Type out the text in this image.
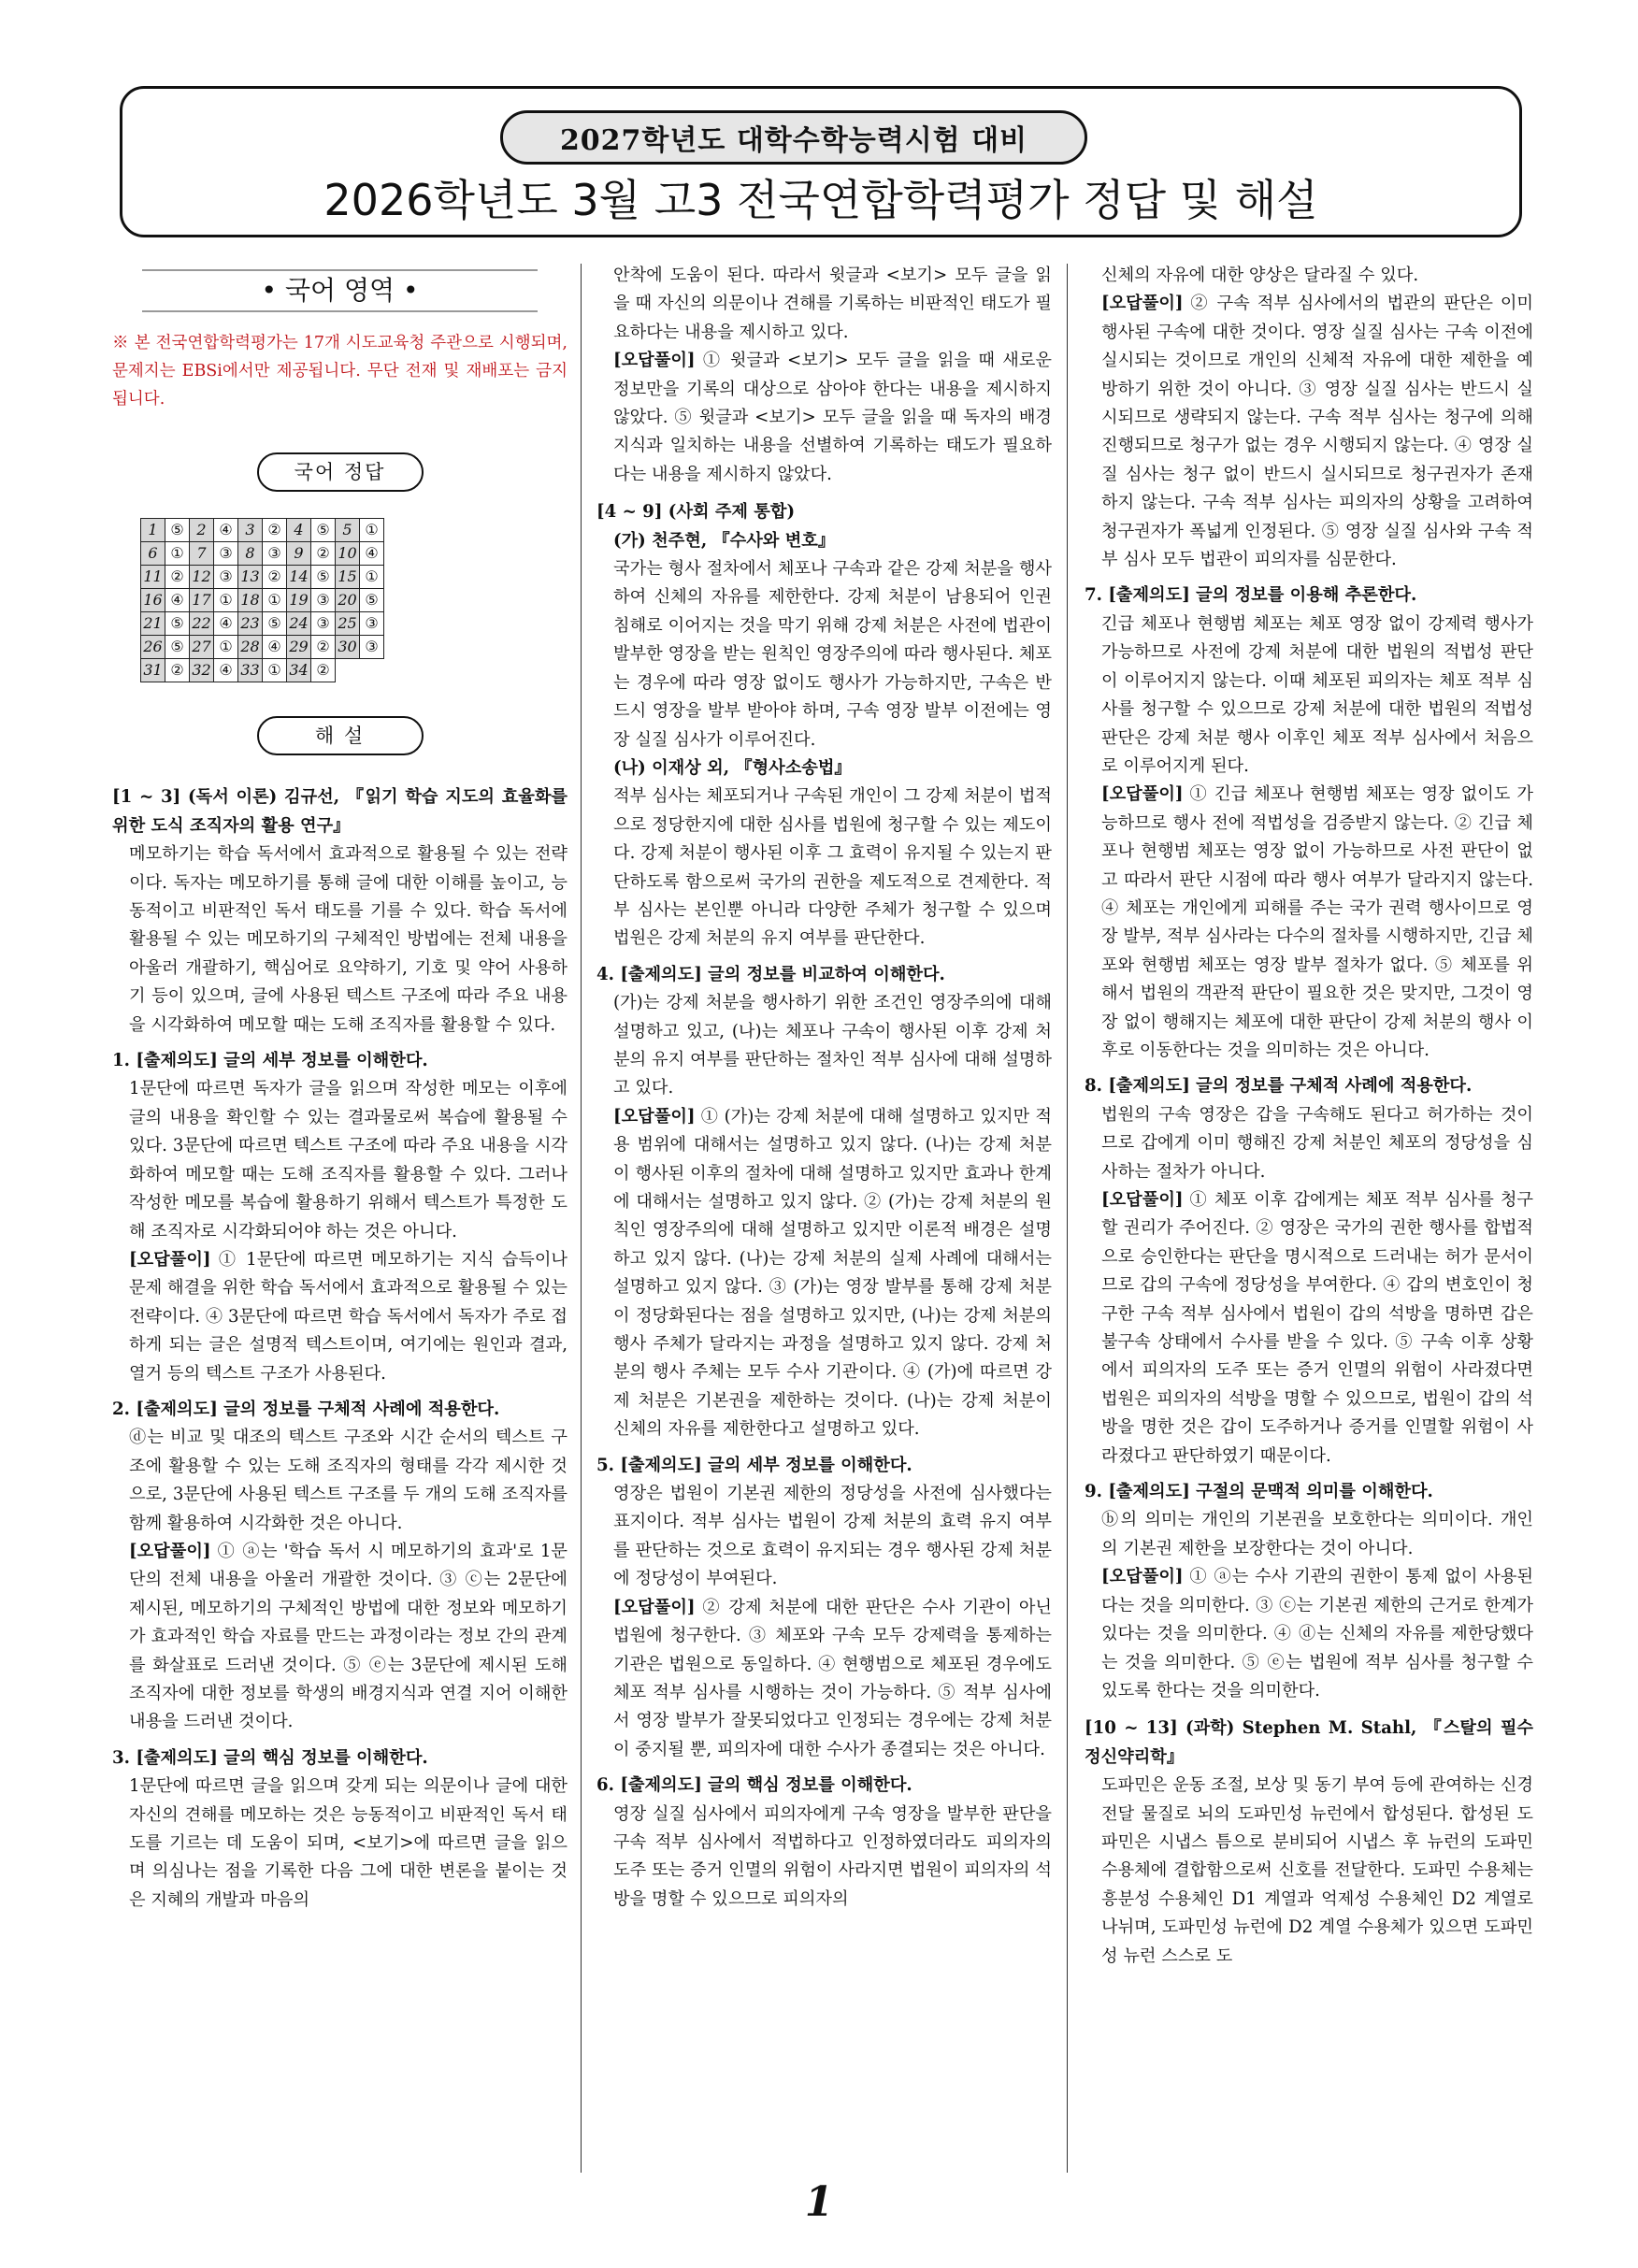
2027학년도 대학수학능력시험 대비
2026학년도 3월 고3 전국연합학력평가 정답 및 해설
• 국어 영역 •

※ 본 전국연합학력평가는 17개 시도교육청 주관으로 시행되며, 문제지는 EBSi에서만 제공됩니다. 무단 전재 및 재배포는 금지됩니다.

국어 정답
1	⑤	2	④	3	②	4	⑤	5	①
6	①	7	③	8	③	9	②	10	④
11	②	12	③	13	②	14	⑤	15	①
16	④	17	①	18	①	19	③	20	⑤
21	⑤	22	④	23	⑤	24	③	25	③
26	⑤	27	①	28	④	29	②	30	③
31	②	32	④	33	①	34	②		
해 설

[1 ~ 3] (독서 이론) 김규선, 『읽기 학습 지도의 효율화를 위한 도식 조직자의 활용 연구』

메모하기는 학습 독서에서 효과적으로 활용될 수 있는 전략이다. 독자는 메모하기를 통해 글에 대한 이해를 높이고, 능동적이고 비판적인 독서 태도를 기를 수 있다. 학습 독서에 활용될 수 있는 메모하기의 구체적인 방법에는 전체 내용을 아울러 개괄하기, 핵심어로 요약하기, 기호 및 약어 사용하기 등이 있으며, 글에 사용된 텍스트 구조에 따라 주요 내용을 시각화하여 메모할 때는 도해 조직자를 활용할 수 있다.

1. [출제의도] 글의 세부 정보를 이해한다.

1문단에 따르면 독자가 글을 읽으며 작성한 메모는 이후에 글의 내용을 확인할 수 있는 결과물로써 복습에 활용될 수 있다. 3문단에 따르면 텍스트 구조에 따라 주요 내용을 시각화하여 메모할 때는 도해 조직자를 활용할 수 있다. 그러나 작성한 메모를 복습에 활용하기 위해서 텍스트가 특정한 도해 조직자로 시각화되어야 하는 것은 아니다.

[오답풀이] ① 1문단에 따르면 메모하기는 지식 습득이나 문제 해결을 위한 학습 독서에서 효과적으로 활용될 수 있는 전략이다. ④ 3문단에 따르면 학습 독서에서 독자가 주로 접하게 되는 글은 설명적 텍스트이며, 여기에는 원인과 결과, 열거 등의 텍스트 구조가 사용된다.

2. [출제의도] 글의 정보를 구체적 사례에 적용한다.

ⓓ는 비교 및 대조의 텍스트 구조와 시간 순서의 텍스트 구조에 활용할 수 있는 도해 조직자의 형태를 각각 제시한 것으로, 3문단에 사용된 텍스트 구조를 두 개의 도해 조직자를 함께 활용하여 시각화한 것은 아니다.

[오답풀이] ① ⓐ는 '학습 독서 시 메모하기의 효과'로 1문단의 전체 내용을 아울러 개괄한 것이다. ③ ⓒ는 2문단에 제시된, 메모하기의 구체적인 방법에 대한 정보와 메모하기가 효과적인 학습 자료를 만드는 과정이라는 정보 간의 관계를 화살표로 드러낸 것이다. ⑤ ⓔ는 3문단에 제시된 도해 조직자에 대한 정보를 학생의 배경지식과 연결 지어 이해한 내용을 드러낸 것이다.

3. [출제의도] 글의 핵심 정보를 이해한다.

1문단에 따르면 글을 읽으며 갖게 되는 의문이나 글에 대한 자신의 견해를 메모하는 것은 능동적이고 비판적인 독서 태도를 기르는 데 도움이 되며, <보기>에 따르면 글을 읽으며 의심나는 점을 기록한 다음 그에 대한 변론을 붙이는 것은 지혜의 개발과 마음의

안착에 도움이 된다. 따라서 윗글과 <보기> 모두 글을 읽을 때 자신의 의문이나 견해를 기록하는 비판적인 태도가 필요하다는 내용을 제시하고 있다.

[오답풀이] ① 윗글과 <보기> 모두 글을 읽을 때 새로운 정보만을 기록의 대상으로 삼아야 한다는 내용을 제시하지 않았다. ⑤ 윗글과 <보기> 모두 글을 읽을 때 독자의 배경지식과 일치하는 내용을 선별하여 기록하는 태도가 필요하다는 내용을 제시하지 않았다.

[4 ~ 9] (사회 주제 통합)

(가) 천주현, 『수사와 변호』

국가는 형사 절차에서 체포나 구속과 같은 강제 처분을 행사하여 신체의 자유를 제한한다. 강제 처분이 남용되어 인권 침해로 이어지는 것을 막기 위해 강제 처분은 사전에 법관이 발부한 영장을 받는 원칙인 영장주의에 따라 행사된다. 체포는 경우에 따라 영장 없이도 행사가 가능하지만, 구속은 반드시 영장을 발부 받아야 하며, 구속 영장 발부 이전에는 영장 실질 심사가 이루어진다.

(나) 이재상 외, 『형사소송법』

적부 심사는 체포되거나 구속된 개인이 그 강제 처분이 법적으로 정당한지에 대한 심사를 법원에 청구할 수 있는 제도이다. 강제 처분이 행사된 이후 그 효력이 유지될 수 있는지 판단하도록 함으로써 국가의 권한을 제도적으로 견제한다. 적부 심사는 본인뿐 아니라 다양한 주체가 청구할 수 있으며 법원은 강제 처분의 유지 여부를 판단한다.

4. [출제의도] 글의 정보를 비교하여 이해한다.

(가)는 강제 처분을 행사하기 위한 조건인 영장주의에 대해 설명하고 있고, (나)는 체포나 구속이 행사된 이후 강제 처분의 유지 여부를 판단하는 절차인 적부 심사에 대해 설명하고 있다.

[오답풀이] ① (가)는 강제 처분에 대해 설명하고 있지만 적용 범위에 대해서는 설명하고 있지 않다. (나)는 강제 처분이 행사된 이후의 절차에 대해 설명하고 있지만 효과나 한계에 대해서는 설명하고 있지 않다. ② (가)는 강제 처분의 원칙인 영장주의에 대해 설명하고 있지만 이론적 배경은 설명하고 있지 않다. (나)는 강제 처분의 실제 사례에 대해서는 설명하고 있지 않다. ③ (가)는 영장 발부를 통해 강제 처분이 정당화된다는 점을 설명하고 있지만, (나)는 강제 처분의 행사 주체가 달라지는 과정을 설명하고 있지 않다. 강제 처분의 행사 주체는 모두 수사 기관이다. ④ (가)에 따르면 강제 처분은 기본권을 제한하는 것이다. (나)는 강제 처분이 신체의 자유를 제한한다고 설명하고 있다.

5. [출제의도] 글의 세부 정보를 이해한다.

영장은 법원이 기본권 제한의 정당성을 사전에 심사했다는 표지이다. 적부 심사는 법원이 강제 처분의 효력 유지 여부를 판단하는 것으로 효력이 유지되는 경우 행사된 강제 처분에 정당성이 부여된다.

[오답풀이] ② 강제 처분에 대한 판단은 수사 기관이 아닌 법원에 청구한다. ③ 체포와 구속 모두 강제력을 통제하는 기관은 법원으로 동일하다. ④ 현행범으로 체포된 경우에도 체포 적부 심사를 시행하는 것이 가능하다. ⑤ 적부 심사에서 영장 발부가 잘못되었다고 인정되는 경우에는 강제 처분이 중지될 뿐, 피의자에 대한 수사가 종결되는 것은 아니다.

6. [출제의도] 글의 핵심 정보를 이해한다.

영장 실질 심사에서 피의자에게 구속 영장을 발부한 판단을 구속 적부 심사에서 적법하다고 인정하였더라도 피의자의 도주 또는 증거 인멸의 위험이 사라지면 법원이 피의자의 석방을 명할 수 있으므로 피의자의

신체의 자유에 대한 양상은 달라질 수 있다.

[오답풀이] ② 구속 적부 심사에서의 법관의 판단은 이미 행사된 구속에 대한 것이다. 영장 실질 심사는 구속 이전에 실시되는 것이므로 개인의 신체적 자유에 대한 제한을 예방하기 위한 것이 아니다. ③ 영장 실질 심사는 반드시 실시되므로 생략되지 않는다. 구속 적부 심사는 청구에 의해 진행되므로 청구가 없는 경우 시행되지 않는다. ④ 영장 실질 심사는 청구 없이 반드시 실시되므로 청구권자가 존재하지 않는다. 구속 적부 심사는 피의자의 상황을 고려하여 청구권자가 폭넓게 인정된다. ⑤ 영장 실질 심사와 구속 적부 심사 모두 법관이 피의자를 심문한다.

7. [출제의도] 글의 정보를 이용해 추론한다.

긴급 체포나 현행범 체포는 체포 영장 없이 강제력 행사가 가능하므로 사전에 강제 처분에 대한 법원의 적법성 판단이 이루어지지 않는다. 이때 체포된 피의자는 체포 적부 심사를 청구할 수 있으므로 강제 처분에 대한 법원의 적법성 판단은 강제 처분 행사 이후인 체포 적부 심사에서 처음으로 이루어지게 된다.

[오답풀이] ① 긴급 체포나 현행범 체포는 영장 없이도 가능하므로 행사 전에 적법성을 검증받지 않는다. ② 긴급 체포나 현행범 체포는 영장 없이 가능하므로 사전 판단이 없고 따라서 판단 시점에 따라 행사 여부가 달라지지 않는다. ④ 체포는 개인에게 피해를 주는 국가 권력 행사이므로 영장 발부, 적부 심사라는 다수의 절차를 시행하지만, 긴급 체포와 현행범 체포는 영장 발부 절차가 없다. ⑤ 체포를 위해서 법원의 객관적 판단이 필요한 것은 맞지만, 그것이 영장 없이 행해지는 체포에 대한 판단이 강제 처분의 행사 이후로 이동한다는 것을 의미하는 것은 아니다.

8. [출제의도] 글의 정보를 구체적 사례에 적용한다.

법원의 구속 영장은 갑을 구속해도 된다고 허가하는 것이므로 갑에게 이미 행해진 강제 처분인 체포의 정당성을 심사하는 절차가 아니다.

[오답풀이] ① 체포 이후 갑에게는 체포 적부 심사를 청구할 권리가 주어진다. ② 영장은 국가의 권한 행사를 합법적으로 승인한다는 판단을 명시적으로 드러내는 허가 문서이므로 갑의 구속에 정당성을 부여한다. ④ 갑의 변호인이 청구한 구속 적부 심사에서 법원이 갑의 석방을 명하면 갑은 불구속 상태에서 수사를 받을 수 있다. ⑤ 구속 이후 상황에서 피의자의 도주 또는 증거 인멸의 위험이 사라졌다면 법원은 피의자의 석방을 명할 수 있으므로, 법원이 갑의 석방을 명한 것은 갑이 도주하거나 증거를 인멸할 위험이 사라졌다고 판단하였기 때문이다.

9. [출제의도] 구절의 문맥적 의미를 이해한다.

ⓑ의 의미는 개인의 기본권을 보호한다는 의미이다. 개인의 기본권 제한을 보장한다는 것이 아니다.

[오답풀이] ① ⓐ는 수사 기관의 권한이 통제 없이 사용된다는 것을 의미한다. ③ ⓒ는 기본권 제한의 근거로 한계가 있다는 것을 의미한다. ④ ⓓ는 신체의 자유를 제한당했다는 것을 의미한다. ⑤ ⓔ는 법원에 적부 심사를 청구할 수 있도록 한다는 것을 의미한다.

[10 ~ 13] (과학) Stephen M. Stahl, 『스탈의 필수 정신약리학』

도파민은 운동 조절, 보상 및 동기 부여 등에 관여하는 신경 전달 물질로 뇌의 도파민성 뉴런에서 합성된다. 합성된 도파민은 시냅스 틈으로 분비되어 시냅스 후 뉴런의 도파민 수용체에 결합함으로써 신호를 전달한다. 도파민 수용체는 흥분성 수용체인 D1 계열과 억제성 수용체인 D2 계열로 나뉘며, 도파민성 뉴런에 D2 계열 수용체가 있으면 도파민성 뉴런 스스로 도

1
